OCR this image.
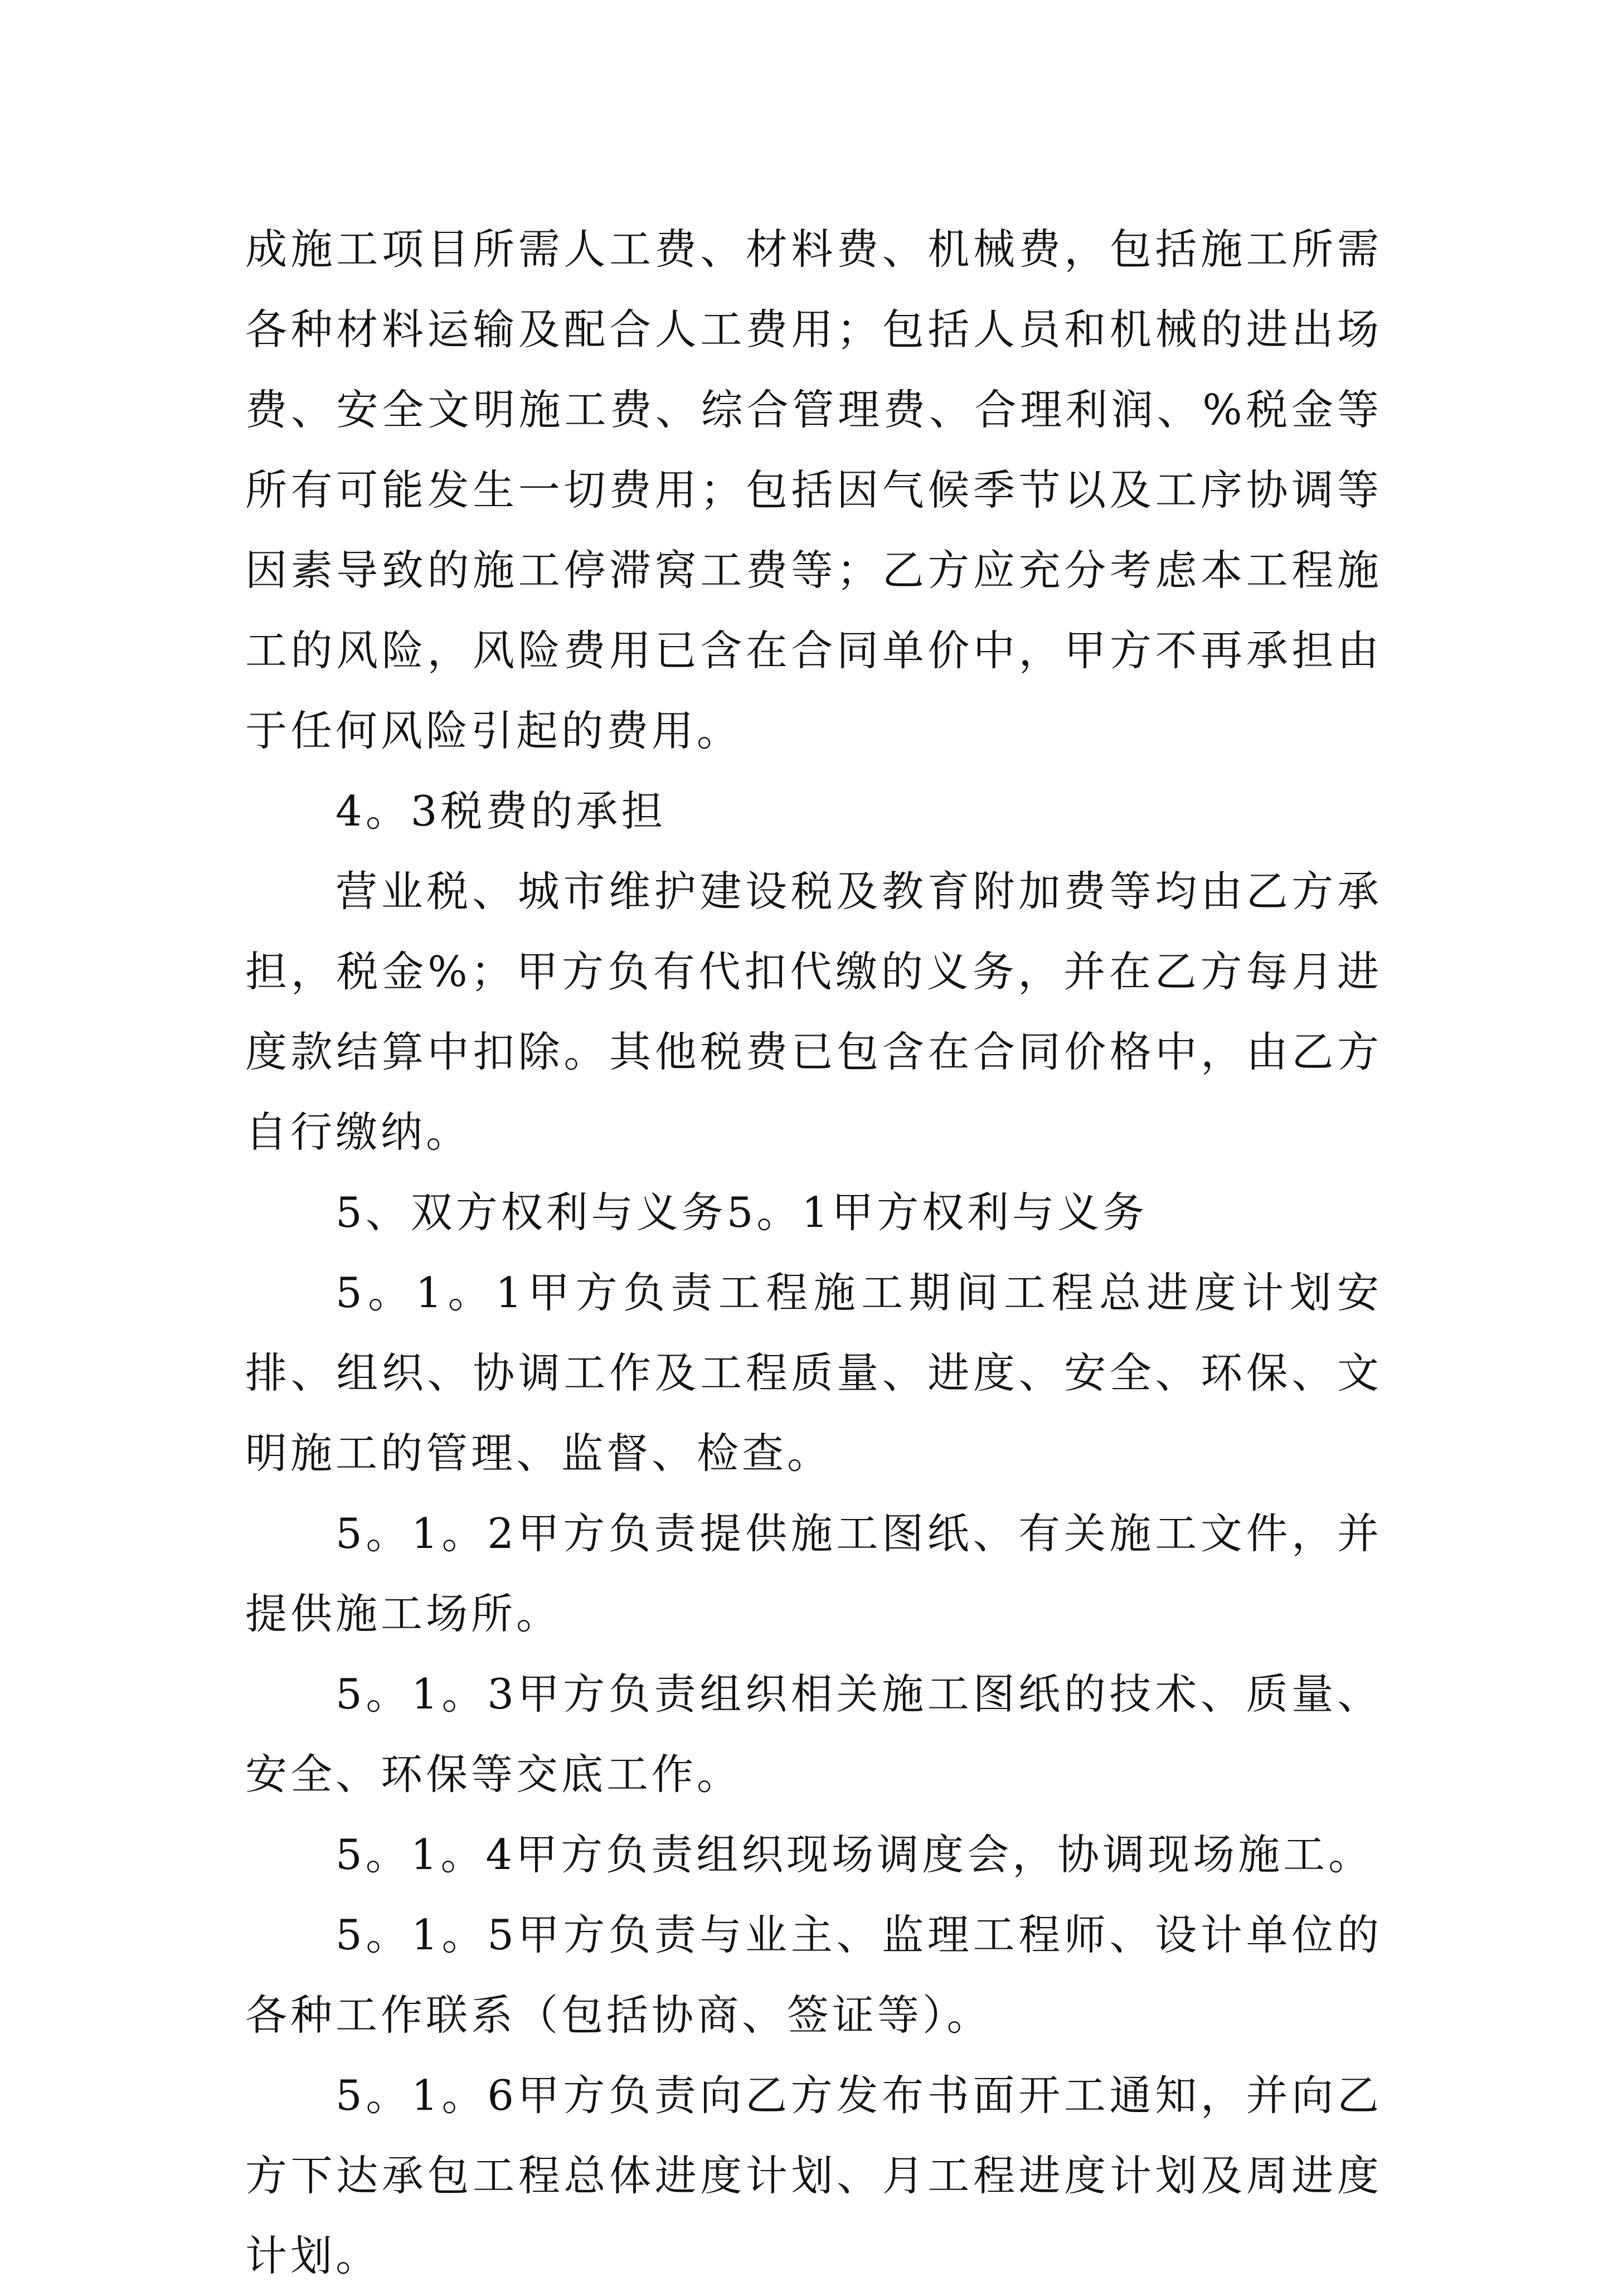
成施工项目所需人工费、材料费、机械费，包括施工所需各种材料运输及配合人工费用；包括人员和机械的进出场费、安全文明施工费、综合管理费、合理利润、%税金等所有可能发生一切费用；包括因气候季节以及工序协调等因素导致的施工停滞窝工费等；乙方应充分考虑本工程施工的风险，风险费用已含在合同单价中，甲方不再承担由于任何风险引起的费用。

4。3税费的承担

营业税、城市维护建设税及教育附加费等均由乙方承担，税金%；甲方负有代扣代缴的义务，并在乙方每月进度款结算中扣除。其他税费已包含在合同价格中，由乙方自行缴纳。

5、双方权利与义务5。1甲方权利与义务

5。1。1甲方负责工程施工期间工程总进度计划安排、组织、协调工作及工程质量、进度、安全、环保、文明施工的管理、监督、检查。

5。1。2甲方负责提供施工图纸、有关施工文件，并提供施工场所。

5。1。3甲方负责组织相关施工图纸的技术、质量、安全、环保等交底工作。

5。1。4甲方负责组织现场调度会，协调现场施工。

5。1。5甲方负责与业主、监理工程师、设计单位的各种工作联系（包括协商、签证等）。

5。1。6甲方负责向乙方发布书面开工通知，并向乙方下达承包工程总体进度计划、月工程进度计划及周进度计划。
